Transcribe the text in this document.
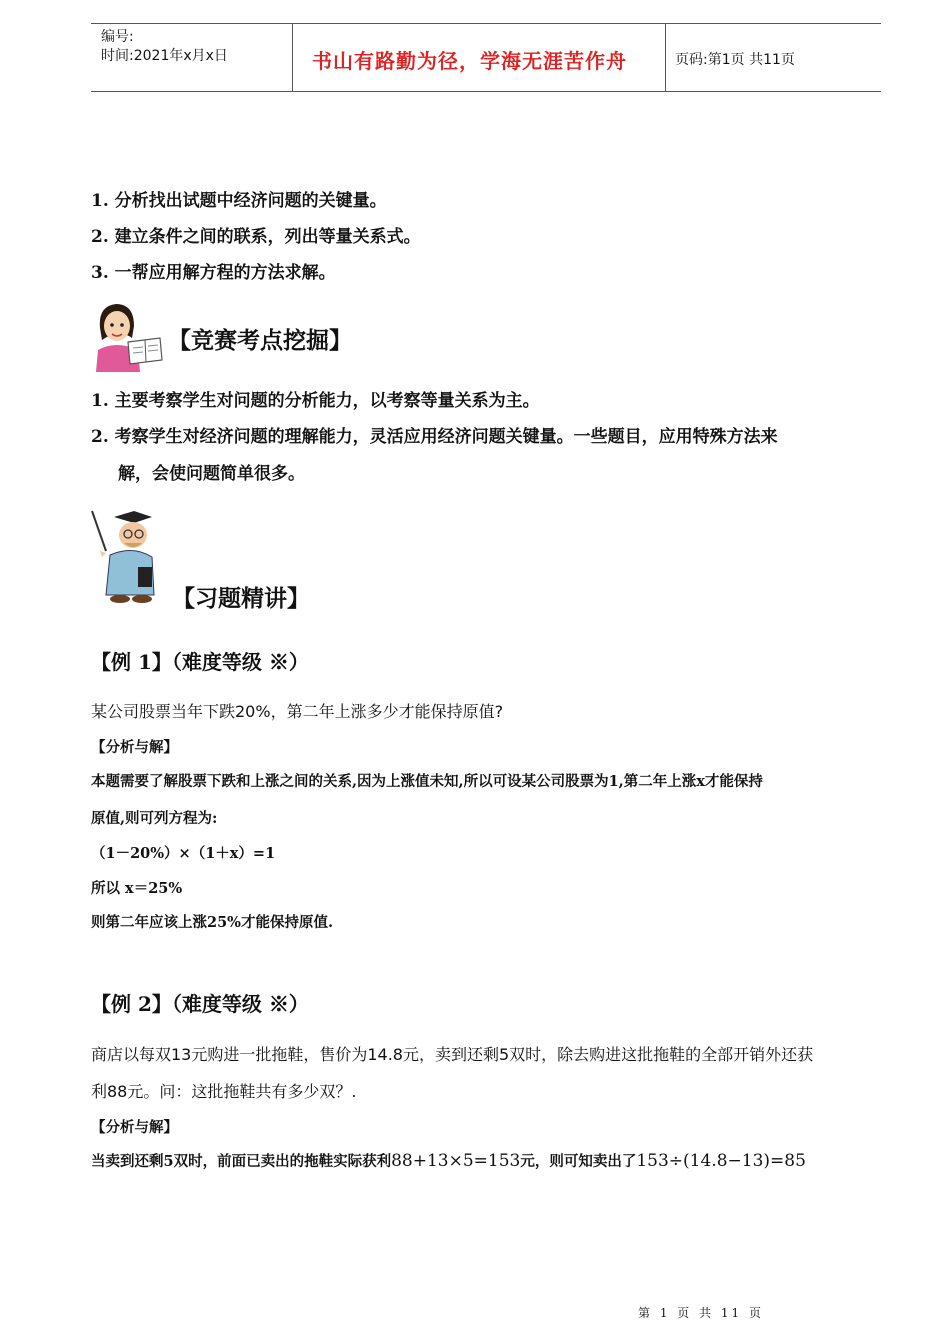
编号:
时间:2021年x月x日	书山有路勤为径，学海无涯苦作舟	页码:第1页 共11页
1. 分析找出试题中经济问题的关键量。
2. 建立条件之间的联系，列出等量关系式。
3. 一帮应用解方程的方法求解。
【竞赛考点挖掘】
1. 主要考察学生对问题的分析能力，以考察等量关系为主。
2. 考察学生对经济问题的理解能力，灵活应用经济问题关键量。一些题目，应用特殊方法来
解，会使问题简单很多。
【习题精讲】
【例 1】（难度等级 ※）
某公司股票当年下跌20%，第二年上涨多少才能保持原值?
【分析与解】
本题需要了解股票下跌和上涨之间的关系,因为上涨值未知,所以可设某公司股票为1,第二年上涨x才能保持
原值,则可列方程为:
（1－20%）×（1＋x）=1
所以 x＝25%
则第二年应该上涨25%才能保持原值.
【例 2】（难度等级 ※）
商店以每双13元购进一批拖鞋，售价为14.8元，卖到还剩5双时，除去购进这批拖鞋的全部开销外还获
利88元。问：这批拖鞋共有多少双？.
【分析与解】
当卖到还剩5双时，前面已卖出的拖鞋实际获利88+13×5=153元，则可知卖出了153÷(14.8−13)=85
第 1 页 共 11 页
